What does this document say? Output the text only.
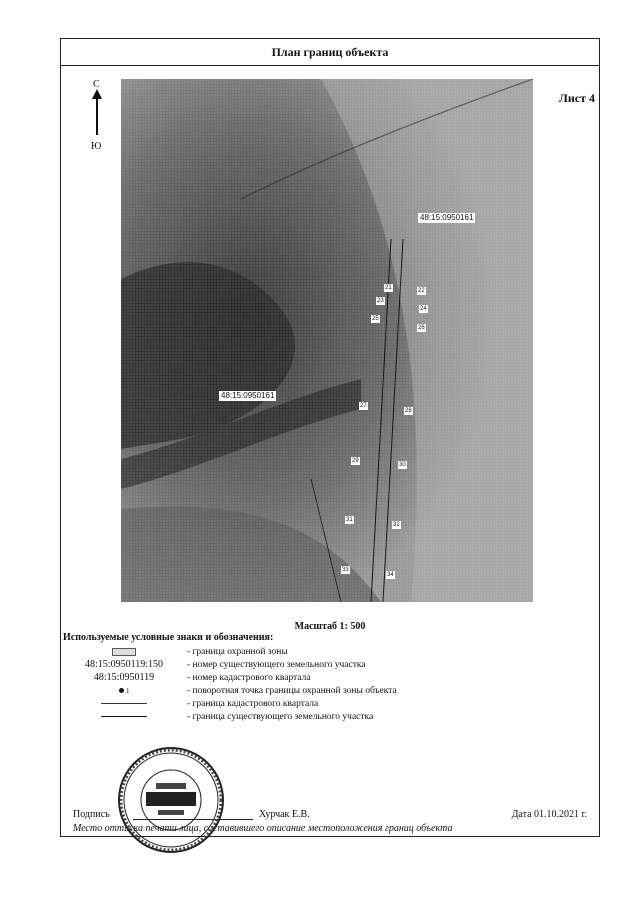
План границ объекта
Лист 4
С
Ю
48:15:0950161
48:15:0950161
21	22
23
24
25
26
27
28
29
30
31
32
33
34
Масштаб 1: 500
Используемые условные знаки и обозначения:
- граница охранной зоны
48:15:0950119:150	- номер существующего земельного участка
48:15:0950119	- номер кадастрового квартала

1	- поворотная точка границы охранной зоны объекта
- граница кадастрового квартала
- граница существующего земельного участка
Подпись	Хурчак Е.В.	Дата 01.10.2021 г.
Место оттиска печати лица, составившего описание местоположения границ объекта
